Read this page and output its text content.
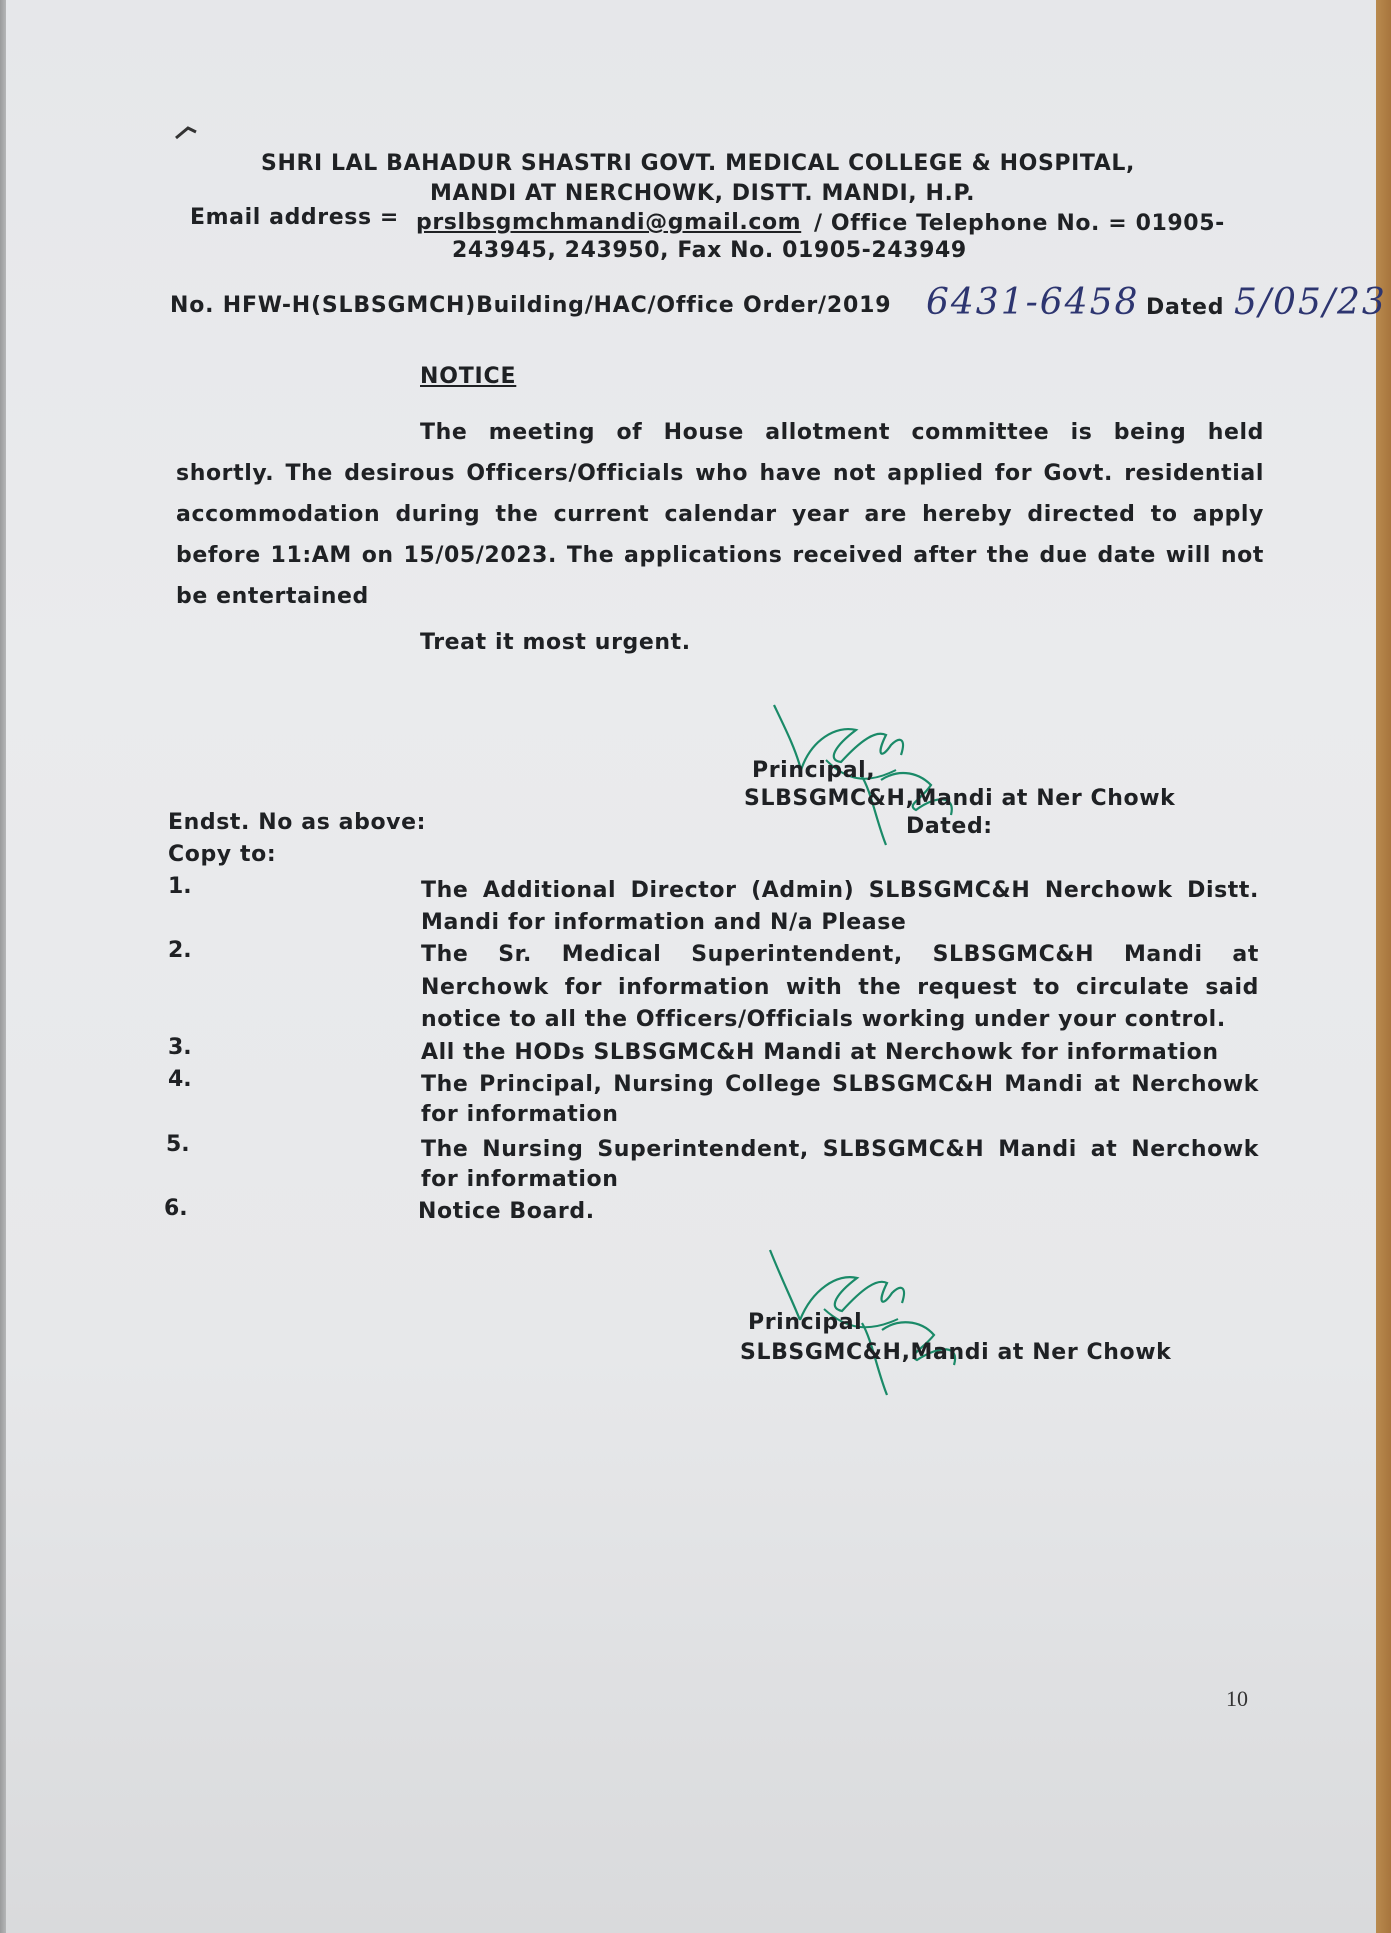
SHRI LAL BAHADUR SHASTRI GOVT. MEDICAL COLLEGE & HOSPITAL,
MANDI AT NERCHOWK, DISTT. MANDI, H.P.
Email address = prslbsgmchmandi@gmail.com / Office Telephone No. = 01905-
243945, 243950, Fax No. 01905-243949
No. HFW-H(SLBSGMCH)Building/HAC/Office Order/2019 6431-6458 Dated 5/05/23
NOTICE
The meeting of House allotment committee is being held
shortly. The desirous Officers/Officials who have not applied for Govt. residential
accommodation during the current calendar year are hereby directed to apply
before 11:AM on 15/05/2023. The applications received after the due date will not
be entertained
Treat it most urgent.
Principal,
SLBSGMC&H,Mandi at Ner Chowk
Dated:
Endst. No as above:
Copy to:
1.	The Additional Director (Admin) SLBSGMC&H Nerchowk Distt.
Mandi for information and N/a Please
2.	The Sr. Medical Superintendent, SLBSGMC&H Mandi at
Nerchowk for information with the request to circulate said
notice to all the Officers/Officials working under your control.
3.	All the HODs SLBSGMC&H Mandi at Nerchowk for information
4.	The Principal, Nursing College SLBSGMC&H Mandi at Nerchowk
for information
5.	The Nursing Superintendent, SLBSGMC&H Mandi at Nerchowk
for information
6.	Notice Board.
Principal
SLBSGMC&H,Mandi at Ner Chowk
10
